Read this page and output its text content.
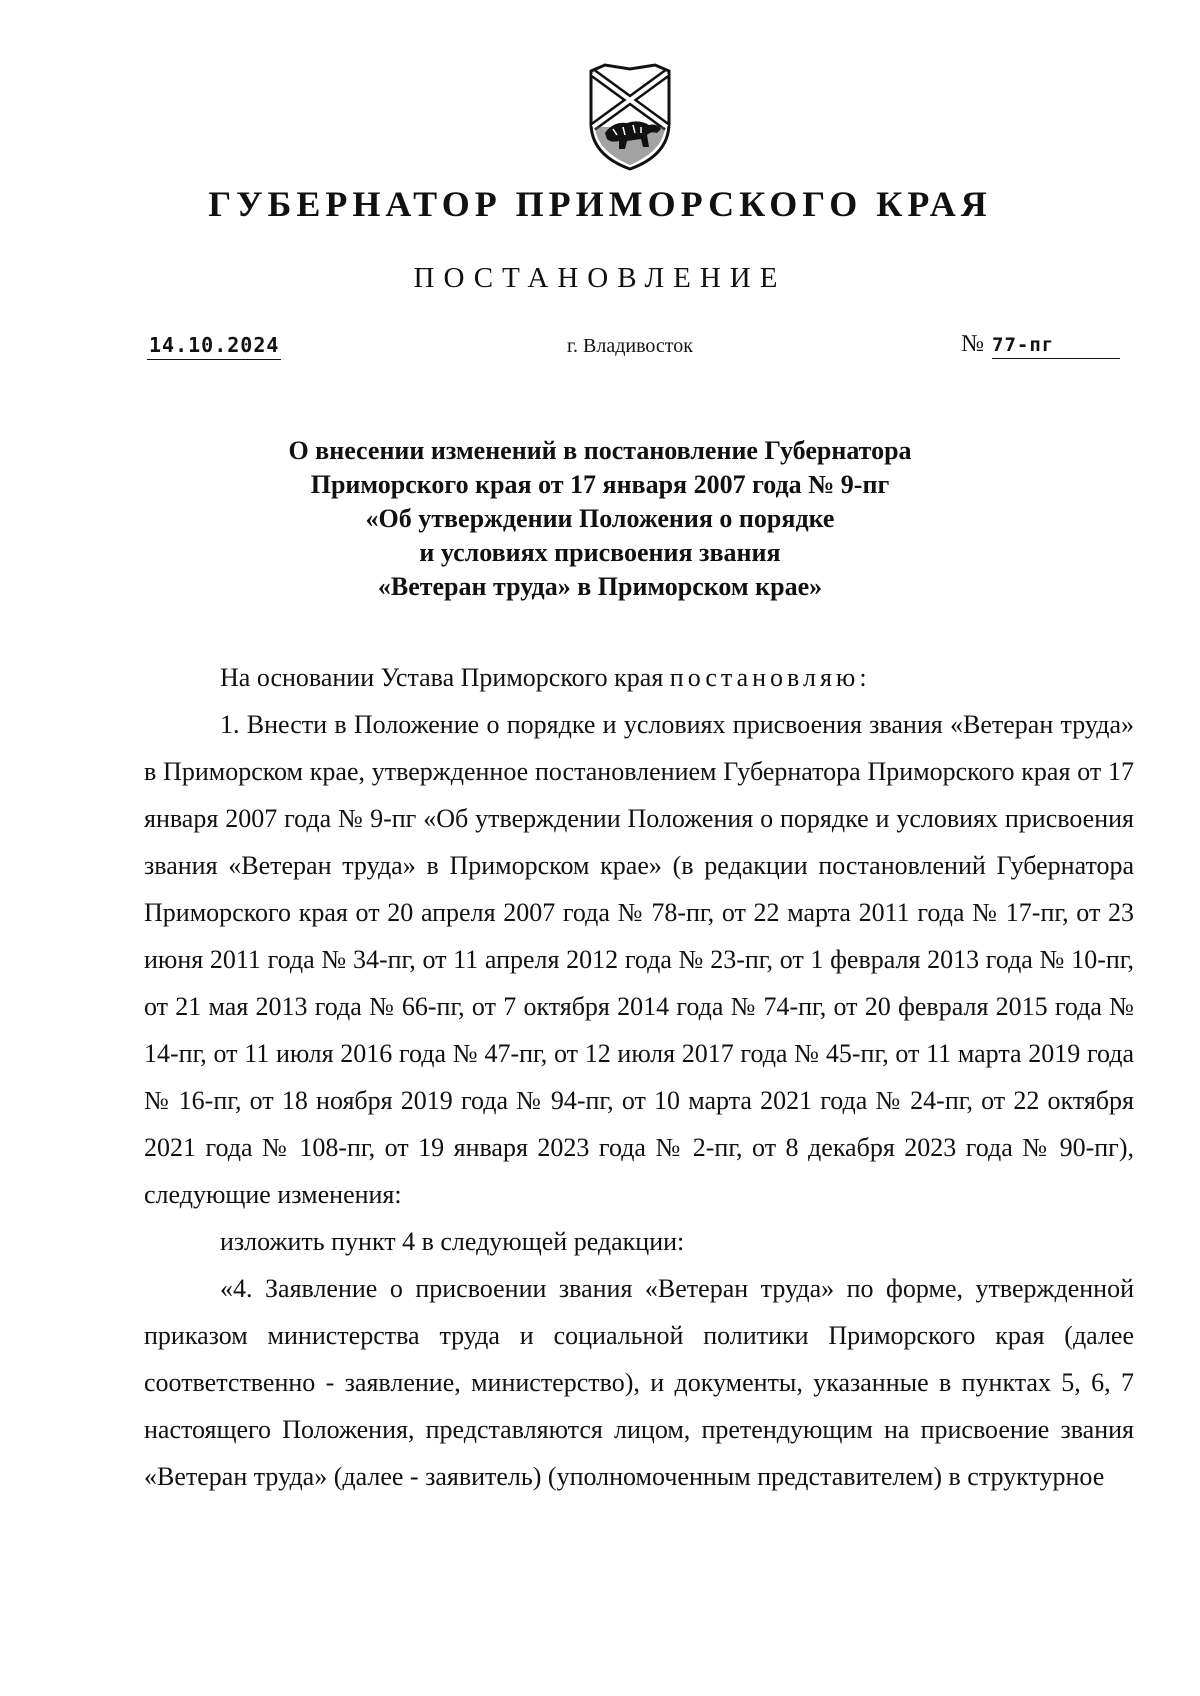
ГУБЕРНАТОР ПРИМОРСКОГО КРАЯ
ПОСТАНОВЛЕНИЕ
14.10.2024	г. Владивосток	№ 77-пг
О внесении изменений в постановление Губернатора
Приморского края от 17 января 2007 года № 9-пг
«Об утверждении Положения о порядке
и условиях присвоения звания
«Ветеран труда» в Приморском крае»

На основании Устава Приморского края постановляю:

1. Внести в Положение о порядке и условиях присвоения звания «Ветеран труда» в Приморском крае, утвержденное постановлением Губернатора Приморского края от 17 января 2007 года № 9-пг «Об утверждении Положения о порядке и условиях присвоения звания «Ветеран труда» в Приморском крае» (в редакции постановлений Губернатора Приморского края от 20 апреля 2007 года № 78-пг, от 22 марта 2011 года № 17-пг, от 23 июня 2011 года № 34-пг, от 11 апреля 2012 года № 23-пг, от 1 февраля 2013 года № 10-пг, от 21 мая 2013 года № 66-пг, от 7 октября 2014 года № 74-пг, от 20 февраля 2015 года № 14-пг, от 11 июля 2016 года № 47-пг, от 12 июля 2017 года № 45-пг, от 11 марта 2019 года № 16-пг, от 18 ноября 2019 года № 94-пг, от 10 марта 2021 года № 24-пг, от 22 октября 2021 года № 108-пг, от 19 января 2023 года № 2-пг, от 8 декабря 2023 года № 90-пг), следующие изменения:

изложить пункт 4 в следующей редакции:

«4. Заявление о присвоении звания «Ветеран труда» по форме, утвержденной приказом министерства труда и социальной политики Приморского края (далее соответственно - заявление, министерство), и документы, указанные в пунктах 5, 6, 7 настоящего Положения, представляются лицом, претендующим на присвоение звания «Ветеран труда» (далее - заявитель) (уполномоченным представителем) в структурное
